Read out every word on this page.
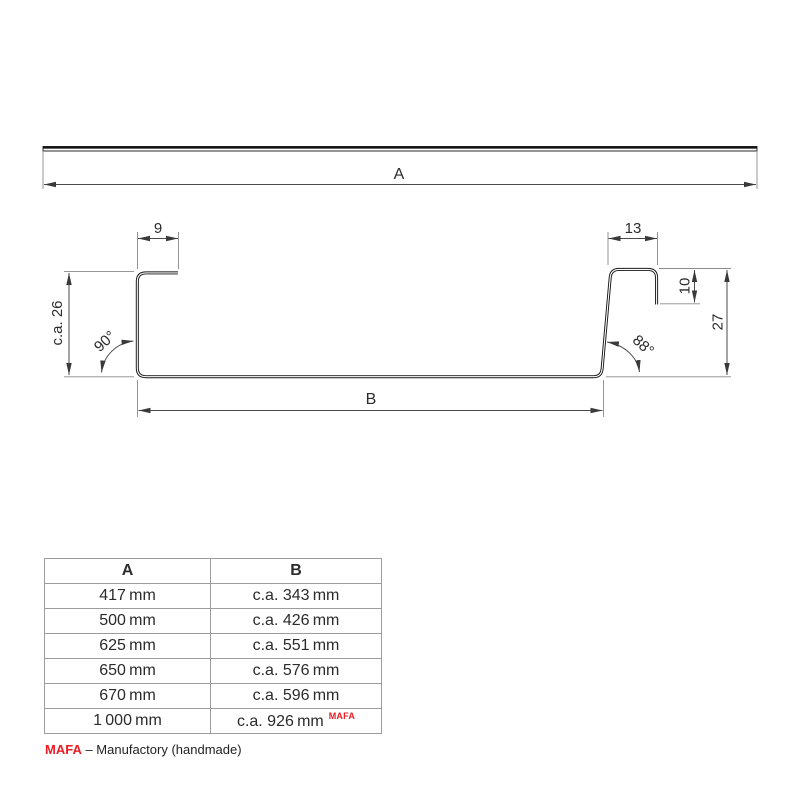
A
9	13
10
27
c.a. 26
B
90°	88°
A	B
417 mm	c.a. 343 mm
500 mm	c.a. 426 mm
625 mm	c.a. 551 mm
650 mm	c.a. 576 mm
670 mm	c.a. 596 mm
1 000 mm	c.a. 926 mm $^{MAFA}$
MAFA – Manufactory (handmade)
